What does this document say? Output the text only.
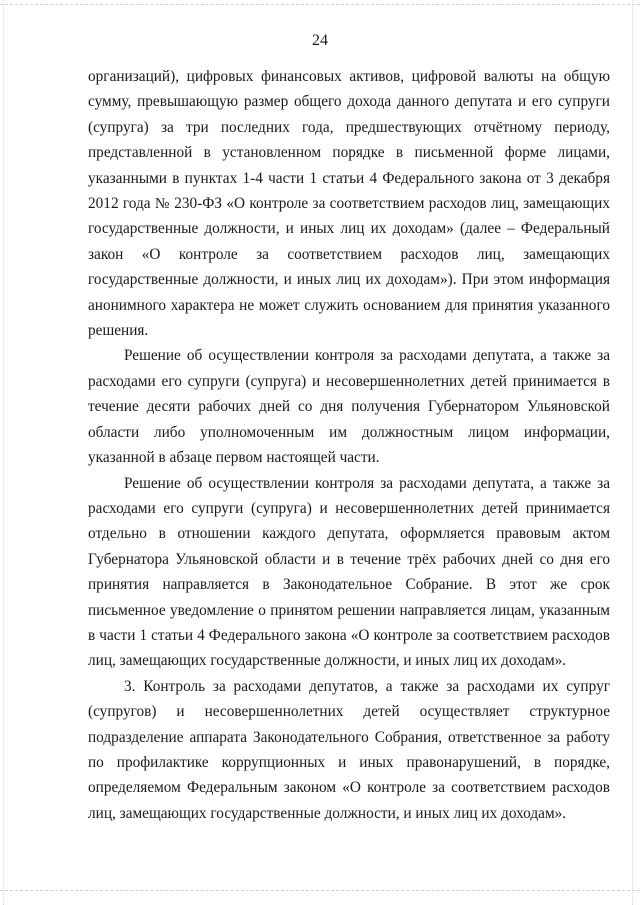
24

организаций), цифровых финансовых активов, цифровой валюты на общую сумму, превышающую размер общего дохода данного депутата и его супруги (супруга) за три последних года, предшествующих отчётному периоду, представленной в установленном порядке в письменной форме лицами, указанными в пунктах 1-4 части 1 статьи 4 Федерального закона от 3 декабря 2012 года № 230-ФЗ «О контроле за соответствием расходов лиц, замещающих государственные должности, и иных лиц их доходам» (далее – Федеральный закон «О контроле за соответствием расходов лиц, замещающих государственные должности, и иных лиц их доходам»). При этом информация анонимного характера не может служить основанием для принятия указанного решения.

Решение об осуществлении контроля за расходами депутата, а также за расходами его супруги (супруга) и несовершеннолетних детей принимается в течение десяти рабочих дней со дня получения Губернатором Ульяновской области либо уполномоченным им должностным лицом информации, указанной в абзаце первом настоящей части.

Решение об осуществлении контроля за расходами депутата, а также за расходами его супруги (супруга) и несовершеннолетних детей принимается отдельно в отношении каждого депутата, оформляется правовым актом Губернатора Ульяновской области и в течение трёх рабочих дней со дня его принятия направляется в Законодательное Собрание. В этот же срок письменное уведомление о принятом решении направляется лицам, указанным в части 1 статьи 4 Федерального закона «О контроле за соответствием расходов лиц, замещающих государственные должности, и иных лиц их доходам».

3. Контроль за расходами депутатов, а также за расходами их супруг (супругов) и несовершеннолетних детей осуществляет структурное подразделение аппарата Законодательного Собрания, ответственное за работу по профилактике коррупционных и иных правонарушений, в порядке, определяемом Федеральным законом «О контроле за соответствием расходов лиц, замещающих государственные должности, и иных лиц их доходам».
